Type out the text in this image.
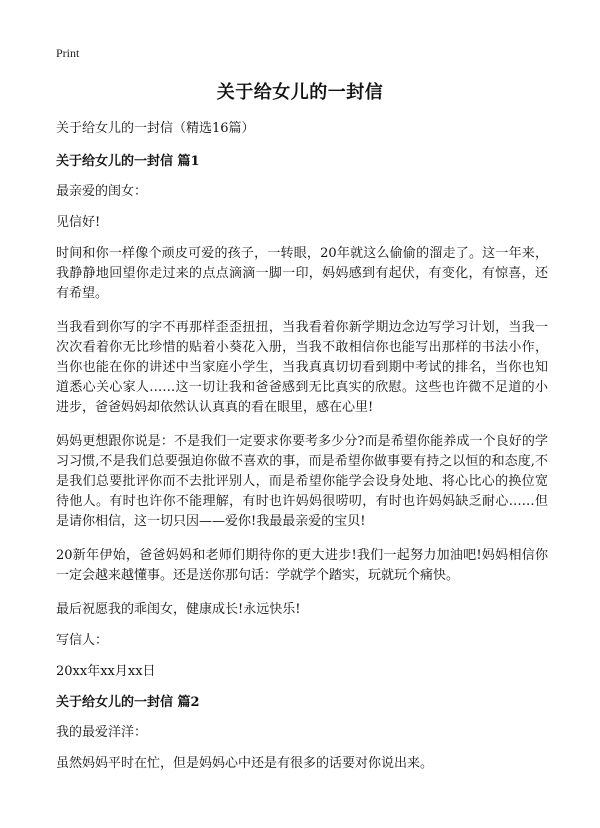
Print
关于给女儿的一封信

关于给女儿的一封信（精选16篇）

关于给女儿的一封信 篇1

最亲爱的闺女：

见信好!

时间和你一样像个顽皮可爱的孩子，一转眼，20年就这么偷偷的溜走了。这一年来，我静静地回望你走过来的点点滴滴一脚一印，妈妈感到有起伏，有变化，有惊喜，还有希望。

当我看到你写的字不再那样歪歪扭扭，当我看着你新学期边念边写学习计划，当我一次次看着你无比珍惜的贴着小葵花入册，当我不敢相信你也能写出那样的书法小作，当你也能在你的讲述中当家庭小学生，当我真真切切看到期中考试的排名，当你也知道悉心关心家人……这一切让我和爸爸感到无比真实的欣慰。这些也许微不足道的小进步，爸爸妈妈却依然认认真真的看在眼里，感在心里!

妈妈更想跟你说是：不是我们一定要求你要考多少分?而是希望你能养成一个良好的学习习惯,不是我们总要强迫你做不喜欢的事，而是希望你做事要有持之以恒的和态度,不是我们总要批评你而不去批评别人，而是希望你能学会设身处地、将心比心的换位宽待他人。有时也许你不能理解，有时也许妈妈很唠叨，有时也许妈妈缺乏耐心……但是请你相信，这一切只因——爱你!我最最亲爱的宝贝!

20新年伊始，爸爸妈妈和老师们期待你的更大进步!我们一起努力加油吧!妈妈相信你一定会越来越懂事。还是送你那句话：学就学个踏实，玩就玩个痛快。

最后祝愿我的乖闺女，健康成长!永远快乐!

写信人：

20xx年xx月xx日

关于给女儿的一封信 篇2

我的最爱洋洋：

虽然妈妈平时在忙，但是妈妈心中还是有很多的话要对你说出来。
